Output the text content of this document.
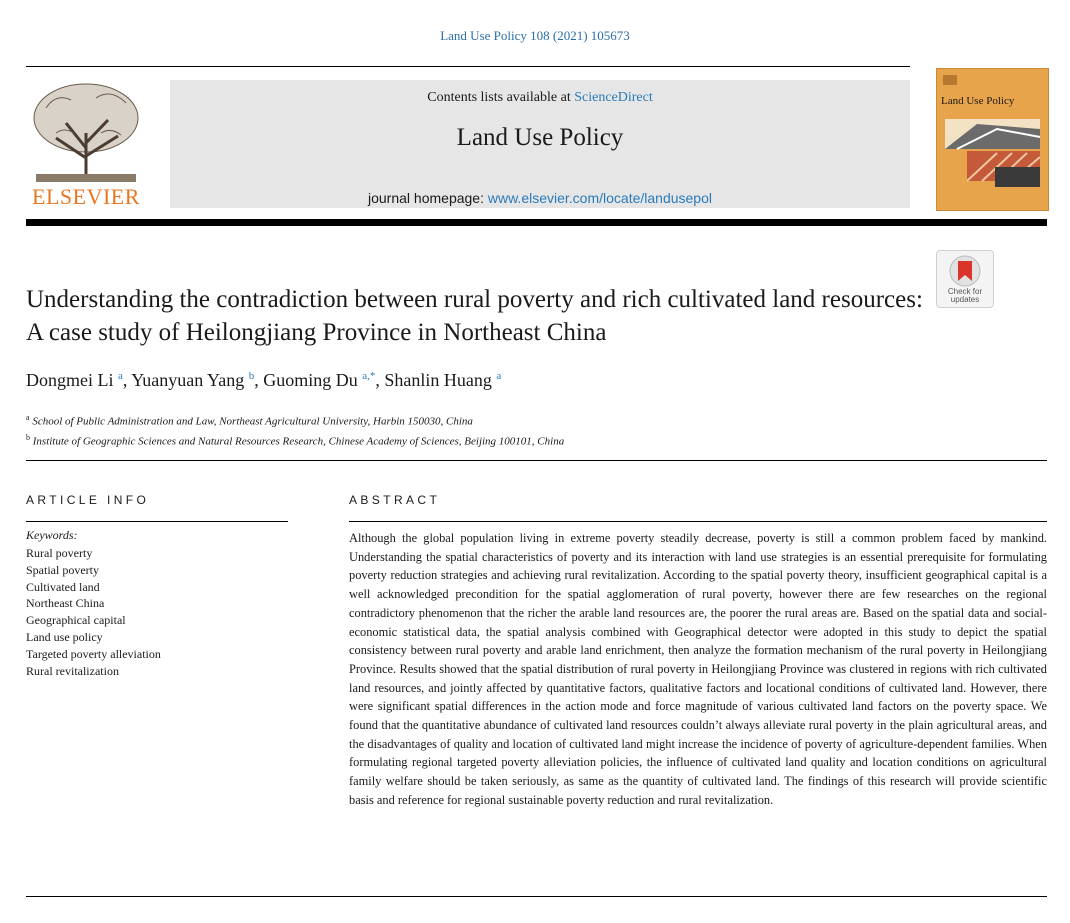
Land Use Policy 108 (2021) 105673
ELSEVIER
Contents lists available at ScienceDirect
Land Use Policy
journal homepage: www.elsevier.com/locate/landusepol
Land Use Policy
Check for
updates
Understanding the contradiction between rural poverty and rich cultivated land resources: A case study of Heilongjiang Province in Northeast China
Dongmei Li $^a$, Yuanyuan Yang $^b$, Guoming Du $^{a,*}$, Shanlin Huang $^a$
$^a$ School of Public Administration and Law, Northeast Agricultural University, Harbin 150030, China
$^b$ Institute of Geographic Sciences and Natural Resources Research, Chinese Academy of Sciences, Beijing 100101, China
ARTICLE INFO	ABSTRACT
Keywords:
Rural poverty
Spatial poverty
Cultivated land
Northeast China
Geographical capital
Land use policy
Targeted poverty alleviation
Rural revitalization

Although the global population living in extreme poverty steadily decrease, poverty is still a common problem faced by mankind. Understanding the spatial characteristics of poverty and its interaction with land use strategies is an essential prerequisite for formulating poverty reduction strategies and achieving rural revitalization. According to the spatial poverty theory, insufficient geographical capital is a well acknowledged precondition for the spatial agglomeration of rural poverty, however there are few researches on the regional contradictory phenomenon that the richer the arable land resources are, the poorer the rural areas are. Based on the spatial data and social-economic statistical data, the spatial analysis combined with Geographical detector were adopted in this study to depict the spatial consistency between rural poverty and arable land enrichment, then analyze the formation mechanism of the rural poverty in Heilongjiang Province. Results showed that the spatial distribution of rural poverty in Heilongjiang Province was clustered in regions with rich cultivated land resources, and jointly affected by quantitative factors, qualitative factors and locational conditions of cultivated land. However, there were significant spatial differences in the action mode and force magnitude of various cultivated land factors on the poverty space. We found that the quantitative abundance of cultivated land resources couldn’t always alleviate rural poverty in the plain agricultural areas, and the disadvantages of quality and location of cultivated land might increase the incidence of poverty of agriculture-dependent families. When formulating regional targeted poverty alleviation policies, the influence of cultivated land quality and location conditions on agricultural family welfare should be taken seriously, as same as the quantity of cultivated land. The findings of this research will provide scientific basis and reference for regional sustainable poverty reduction and rural revitalization.
